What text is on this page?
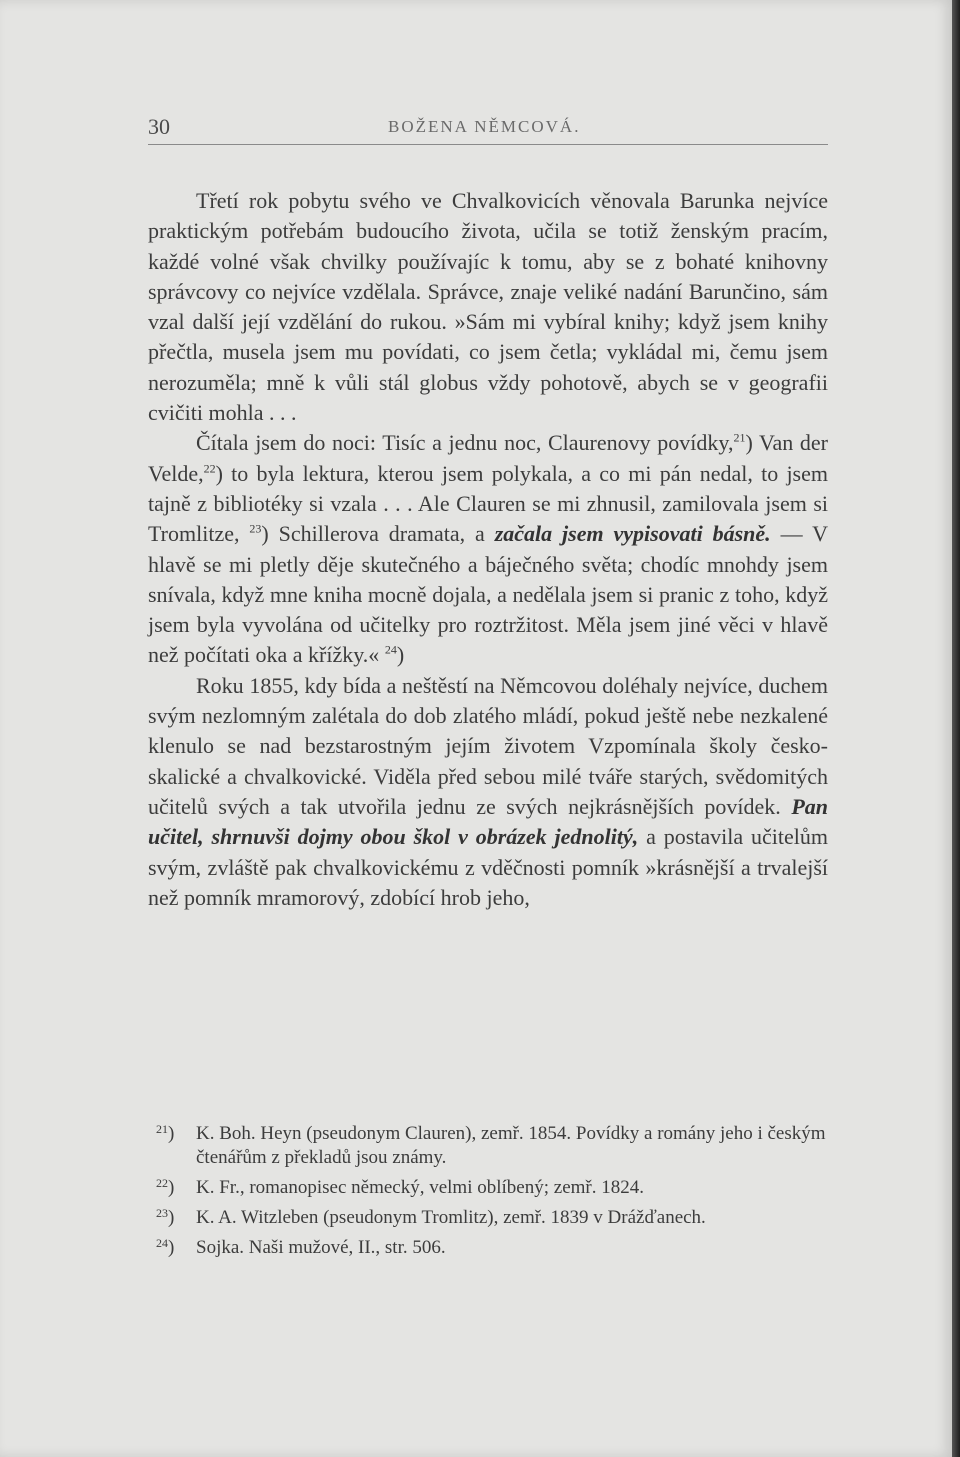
30	BOŽENA NĚMCOVÁ.

Třetí rok pobytu svého ve Chvalkovicích věnovala Barunka nejvíce praktickým potřebám budoucího života, učila se totiž ženským pracím, každé volné však chvilky používajíc k tomu, aby se z bohaté knihovny správcovy co nejvíce vzdělala. Správce, znaje veliké nadání Barunčino, sám vzal další její vzdělání do rukou. »Sám mi vybíral knihy; když jsem knihy přečtla, musela jsem mu povídati, co jsem četla; vykládal mi, čemu jsem nerozuměla; mně k vůli stál globus vždy pohotově, abych se v geografii cvičiti mohla . . .

Čítala jsem do noci: Tisíc a jednu noc, Claurenovy povídky,$^{21}$) Van der Velde,$^{22}$) to byla lektura, kterou jsem polykala, a co mi pán nedal, to jsem tajně z bibliotéky si vzala . . . Ale Clauren se mi zhnusil, zamilovala jsem si Tromlitze, $^{23}$) Schillerova dramata, a začala jsem vypisovati básně. — V hlavě se mi pletly děje skutečného a báječného světa; chodíc mnohdy jsem snívala, když mne kniha mocně dojala, a nedělala jsem si pranic z toho, když jsem byla vyvolána od učitelky pro roztržitost. Měla jsem jiné věci v hlavě než počítati oka a křížky.« $^{24}$)

Roku 1855, kdy bída a neštěstí na Němcovou doléhaly nejvíce, duchem svým nezlomným zalétala do dob zlatého mládí, pokud ještě nebe nezkalené klenulo se nad bezstarostným jejím životem Vzpomínala školy česko-skalické a chvalkovické. Viděla před sebou milé tváře starých, svědomitých učitelů svých a tak utvořila jednu ze svých nejkrásnějších povídek. Pan učitel, shrnuvši dojmy obou škol v obrázek jednolitý, a postavila učitelům svým, zvláště pak chvalkovickému z vděčnosti pomník »krásnější a trvalejší než pomník mramorový, zdobící hrob jeho,

$^{21}$) K. Boh. Heyn (pseudonym Clauren), zemř. 1854. Povídky a romány jeho i českým čtenářům z překladů jsou známy.
$^{22}$) K. Fr., romanopisec německý, velmi oblíbený; zemř. 1824.
$^{23}$) K. A. Witzleben (pseudonym Tromlitz), zemř. 1839 v Drážďanech.
$^{24}$) Sojka. Naši mužové, II., str. 506.
